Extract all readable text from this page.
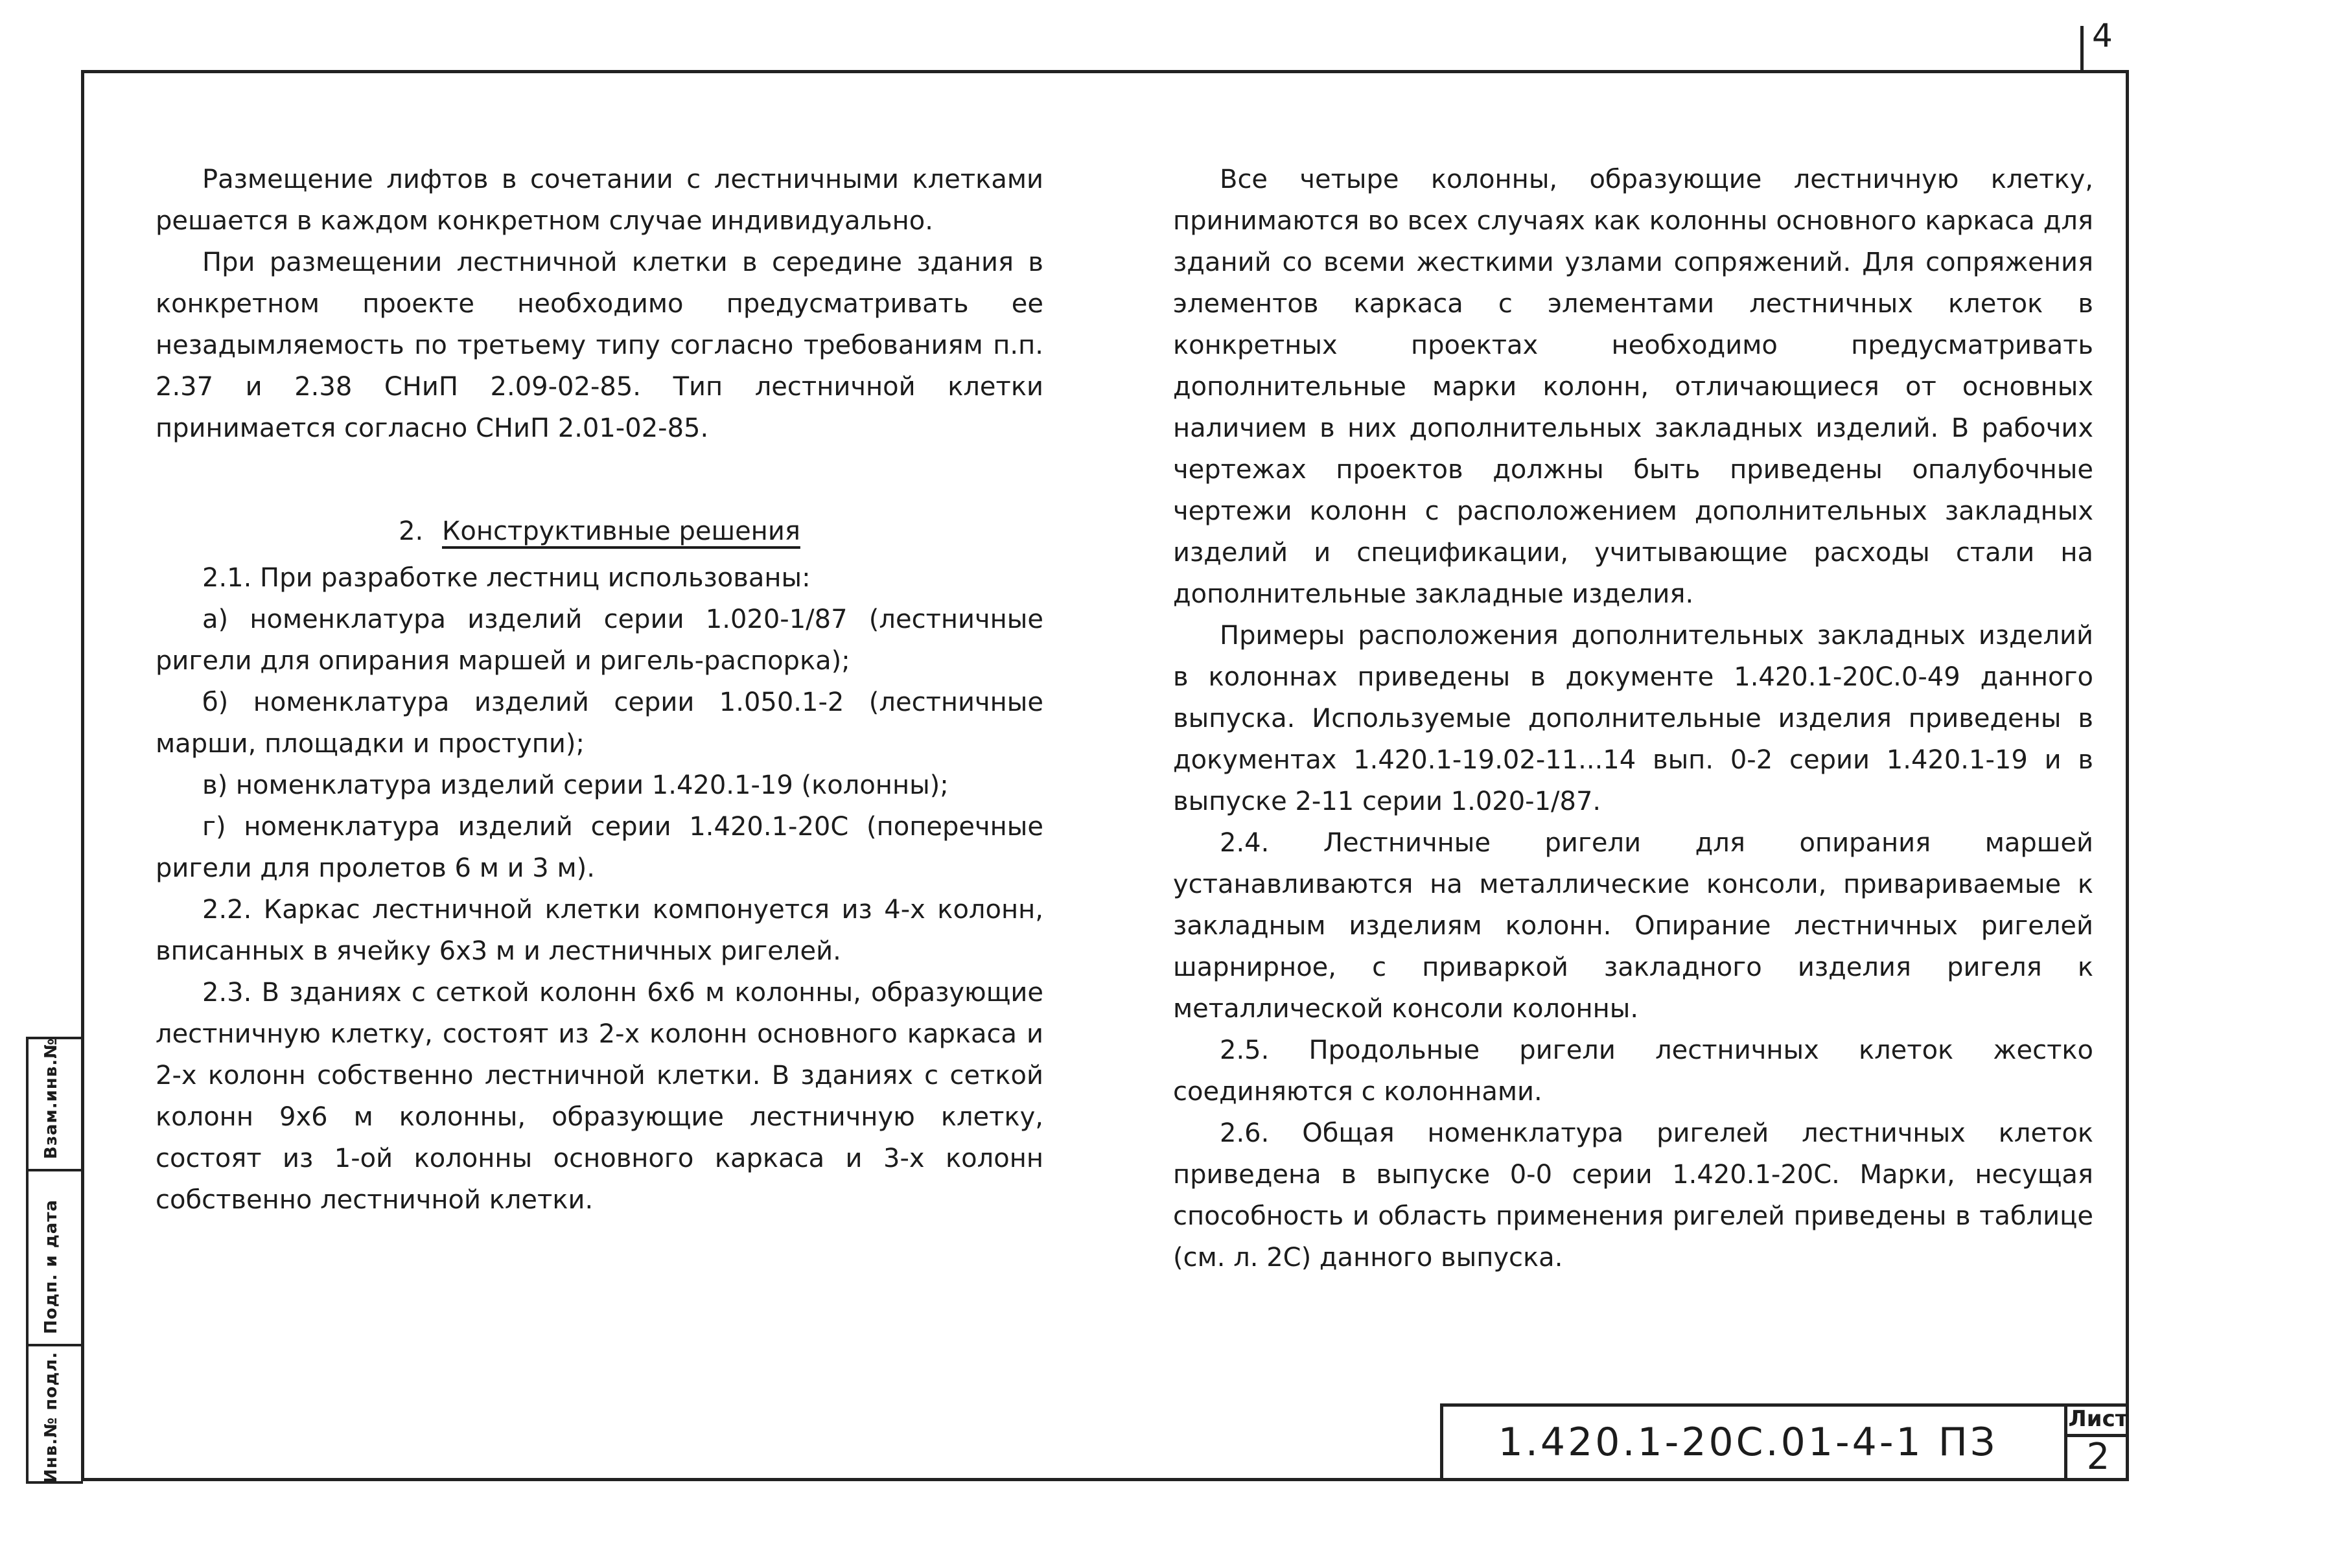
4
Инв.№ подл.
Подп. и дата
Взам.инв.№

Размещение лифтов в сочетании с лестничными клетками решается в каждом конкретном случае индивидуально.

При размещении лестничной клетки в середине здания в конкретном проекте необходимо предусматривать ее незадымляемость по третьему типу согласно требованиям п.п. 2.37 и 2.38 СНиП 2.09-02-85. Тип лестничной клетки принимается согласно СНиП 2.01-02-85.

2. Конструктивные решения

2.1. При разработке лестниц использованы:

а) номенклатура изделий серии 1.020-1/87 (лестничные ригели для опирания маршей и ригель-распорка);

б) номенклатура изделий серии 1.050.1-2 (лестничные марши, площадки и проступи);

в) номенклатура изделий серии 1.420.1-19 (колонны);

г) номенклатура изделий серии 1.420.1-20С (поперечные ригели для пролетов 6 м и 3 м).

2.2. Каркас лестничной клетки компонуется из 4-х колонн, вписанных в ячейку 6х3 м и лестничных ригелей.

2.3. В зданиях с сеткой колонн 6х6 м колонны, образующие лестничную клетку, состоят из 2-х колонн основного каркаса и 2-х колонн собственно лестничной клетки. В зданиях с сеткой колонн 9х6 м колонны, образующие лестничную клетку, состоят из 1-ой колонны основного каркаса и 3-х колонн собственно лестничной клетки.

Все четыре колонны, образующие лестничную клетку, принимаются во всех случаях как колонны основного каркаса для зданий со всеми жесткими узлами сопряжений. Для сопряжения элементов каркаса с элементами лестничных клеток в конкретных проектах необходимо предусматривать дополнительные марки колонн, отличающиеся от основных наличием в них дополнительных закладных изделий. В рабочих чертежах проектов должны быть приведены опалубочные чертежи колонн с расположением дополнительных закладных изделий и спецификации, учитывающие расходы стали на дополнительные закладные изделия.

Примеры расположения дополнительных закладных изделий в колоннах приведены в документе 1.420.1-20С.0-49 данного выпуска. Используемые дополнительные изделия приведены в документах 1.420.1-19.02-11...14 вып. 0-2 серии 1.420.1-19 и в выпуске 2-11 серии 1.020-1/87.

2.4. Лестничные ригели для опирания маршей устанавливаются на металлические консоли, привариваемые к закладным изделиям колонн. Опирание лестничных ригелей шарнирное, с приваркой закладного изделия ригеля к металлической консоли колонны.

2.5. Продольные ригели лестничных клеток жестко соединяются с колоннами.

2.6. Общая номенклатура ригелей лестничных клеток приведена в выпуске 0-0 серии 1.420.1-20С. Марки, несущая способность и область применения ригелей приведены в таблице (см. л. 2С) данного выпуска.

1.420.1-20С.01-4-1 ПЗ
Лист
2
